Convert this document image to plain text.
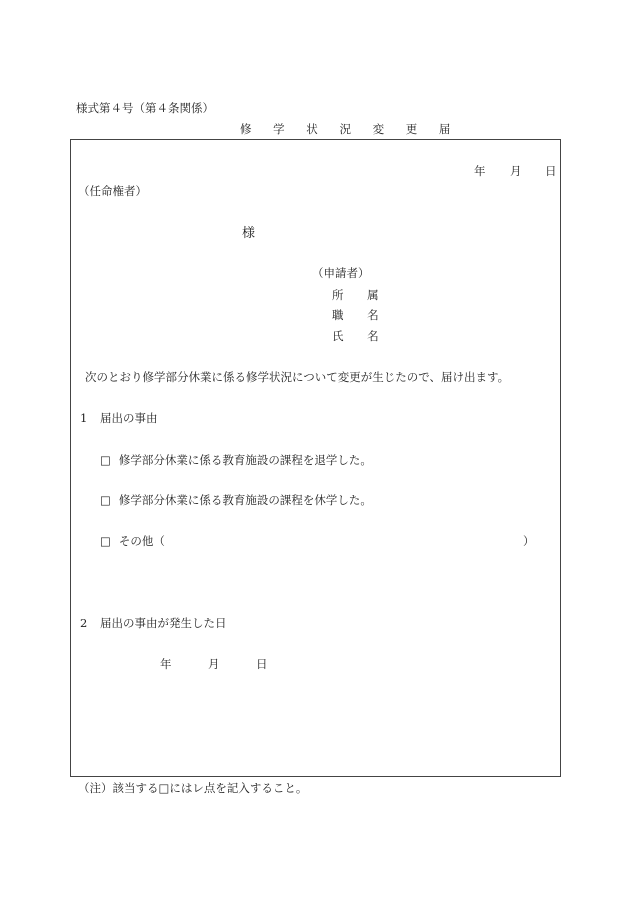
様式第４号（第４条関係）
修 学 状 況 変 更 届
年 月 日
（任命権者）
様
（申請者）
所 属
職 名
氏 名
次のとおり修学部分休業に係る修学状況について変更が生じたので、届け出ます。
1 届出の事由
□ 修学部分休業に係る教育施設の課程を退学した。
□ 修学部分休業に係る教育施設の課程を休学した。
□ その他（	）
2 届出の事由が発生した日
年	月	日
（注）該当する□にはレ点を記入すること。
